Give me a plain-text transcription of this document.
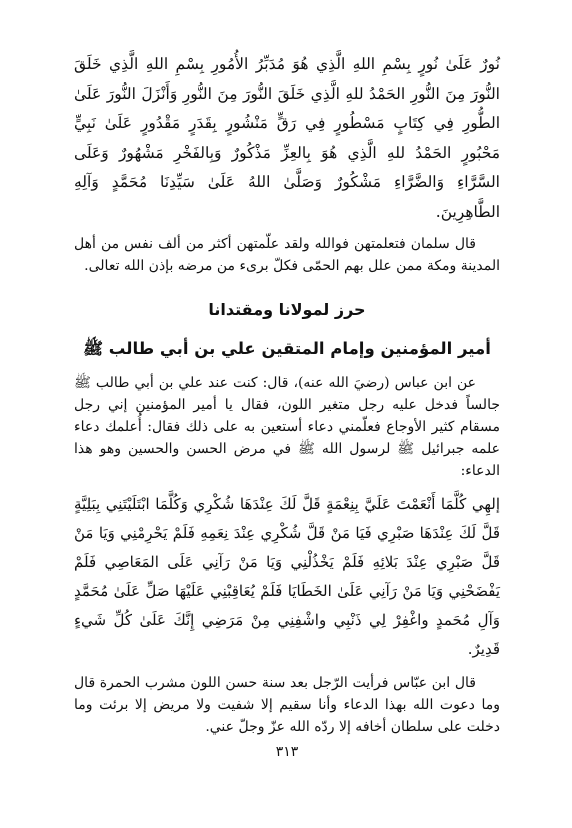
نُورٌ عَلَىٰ نُورٍ بِسْمِ اللهِ الَّذِي هُوَ مُدَبِّرُ الأُمُورِ بِسْمِ اللهِ الَّذِي خَلَقَ النُّورَ مِنَ النُّورِ الحَمْدُ للهِ الَّذِي خَلَقَ النُّورَ مِنَ النُّورِ وَأَنْزَلَ النُّورَ عَلَىٰ الطُّورِ فِي كِتَابٍ مَسْطُورٍ فِي رَقٍّ مَنْشُورٍ بِقَدَرٍ مَقْدُورٍ عَلَىٰ نَبِيٍّ مَحْبُورٍ الحَمْدُ للهِ الَّذِي هُوَ بِالعِزِّ مَذْكُورٌ وَبِالفَخْرِ مَشْهُورٌ وَعَلَى السَّرَّاءِ وَالضَّرَّاءِ مَشْكُورٌ وَصَلَّىٰ اللهُ عَلَىٰ سَيِّدِنَا مُحَمَّدٍ وَآلِهِ الطَّاهِرِينَ.

قال سلمان فتعلمتهن فوالله ولقد علّمتهن أكثر من ألف نفس من أهل المدينة ومكة ممن علل بهم الحمّى فكلّ برىء من مرضه بإذن الله تعالى.

حرز لمولانا ومقتدانا
أمير المؤمنين وإمام المتقين علي بن أبي طالب ﷺ

عن ابن عباس (رضيَ الله عنه)، قال: كنت عند علي بن أبي طالب ﷺ جالساً فدخل عليه رجل متغير اللون، فقال يا أمير المؤمنين إني رجل مسقام كثير الأوجاع فعلّمني دعاء أستعين به على ذلك فقال: أُعلمك دعاء علمه جبرائيل ﷺ لرسول الله ﷺ في مرض الحسن والحسين وهو هذا الدعاء:

إلهِي كُلَّمَا أَنْعَمْتَ عَلَيَّ بِنِعْمَةٍ قَلَّ لَكَ عِنْدَهَا شُكْرِي وَكُلَّمَا ابْتَلَيْتَنِي بِبَلِيَّةٍ قَلَّ لَكَ عِنْدَهَا صَبْرِي فَيَا مَنْ قَلَّ شُكْرِي عِنْدَ نِعَمِهِ فَلَمْ يَحْرِمْنِي وَيَا مَنْ قَلَّ صَبْرِي عِنْدَ بَلائِهِ فَلَمْ يَخْذُلْنِي وَيَا مَنْ رَآنِي عَلَى المَعَاصِي فَلَمْ يَفْضَحْنِي وَيَا مَنْ رَآنِي عَلَىٰ الخَطَايَا فَلَمْ يُعَاقِبْنِي عَلَيْهَا صَلِّ عَلَىٰ مُحَمَّدٍ وَآلِ مُحَمدٍ واغْفِرْ لِي ذَنْبِي واشْفِنِي مِنْ مَرَضِي إِنَّكَ عَلَىٰ كُلِّ شَيءٍ قَدِيرٌ.

قال ابن عبّاس فرأيت الرّجل بعد سنة حسن اللون مشرب الحمرة قال وما دعوت الله بهذا الدعاء وأنا سقيم إلا شفيت ولا مريض إلا برئت وما دخلت على سلطان أخافه إلا ردّه الله عزّ وجلّ عني.

٣١٣
